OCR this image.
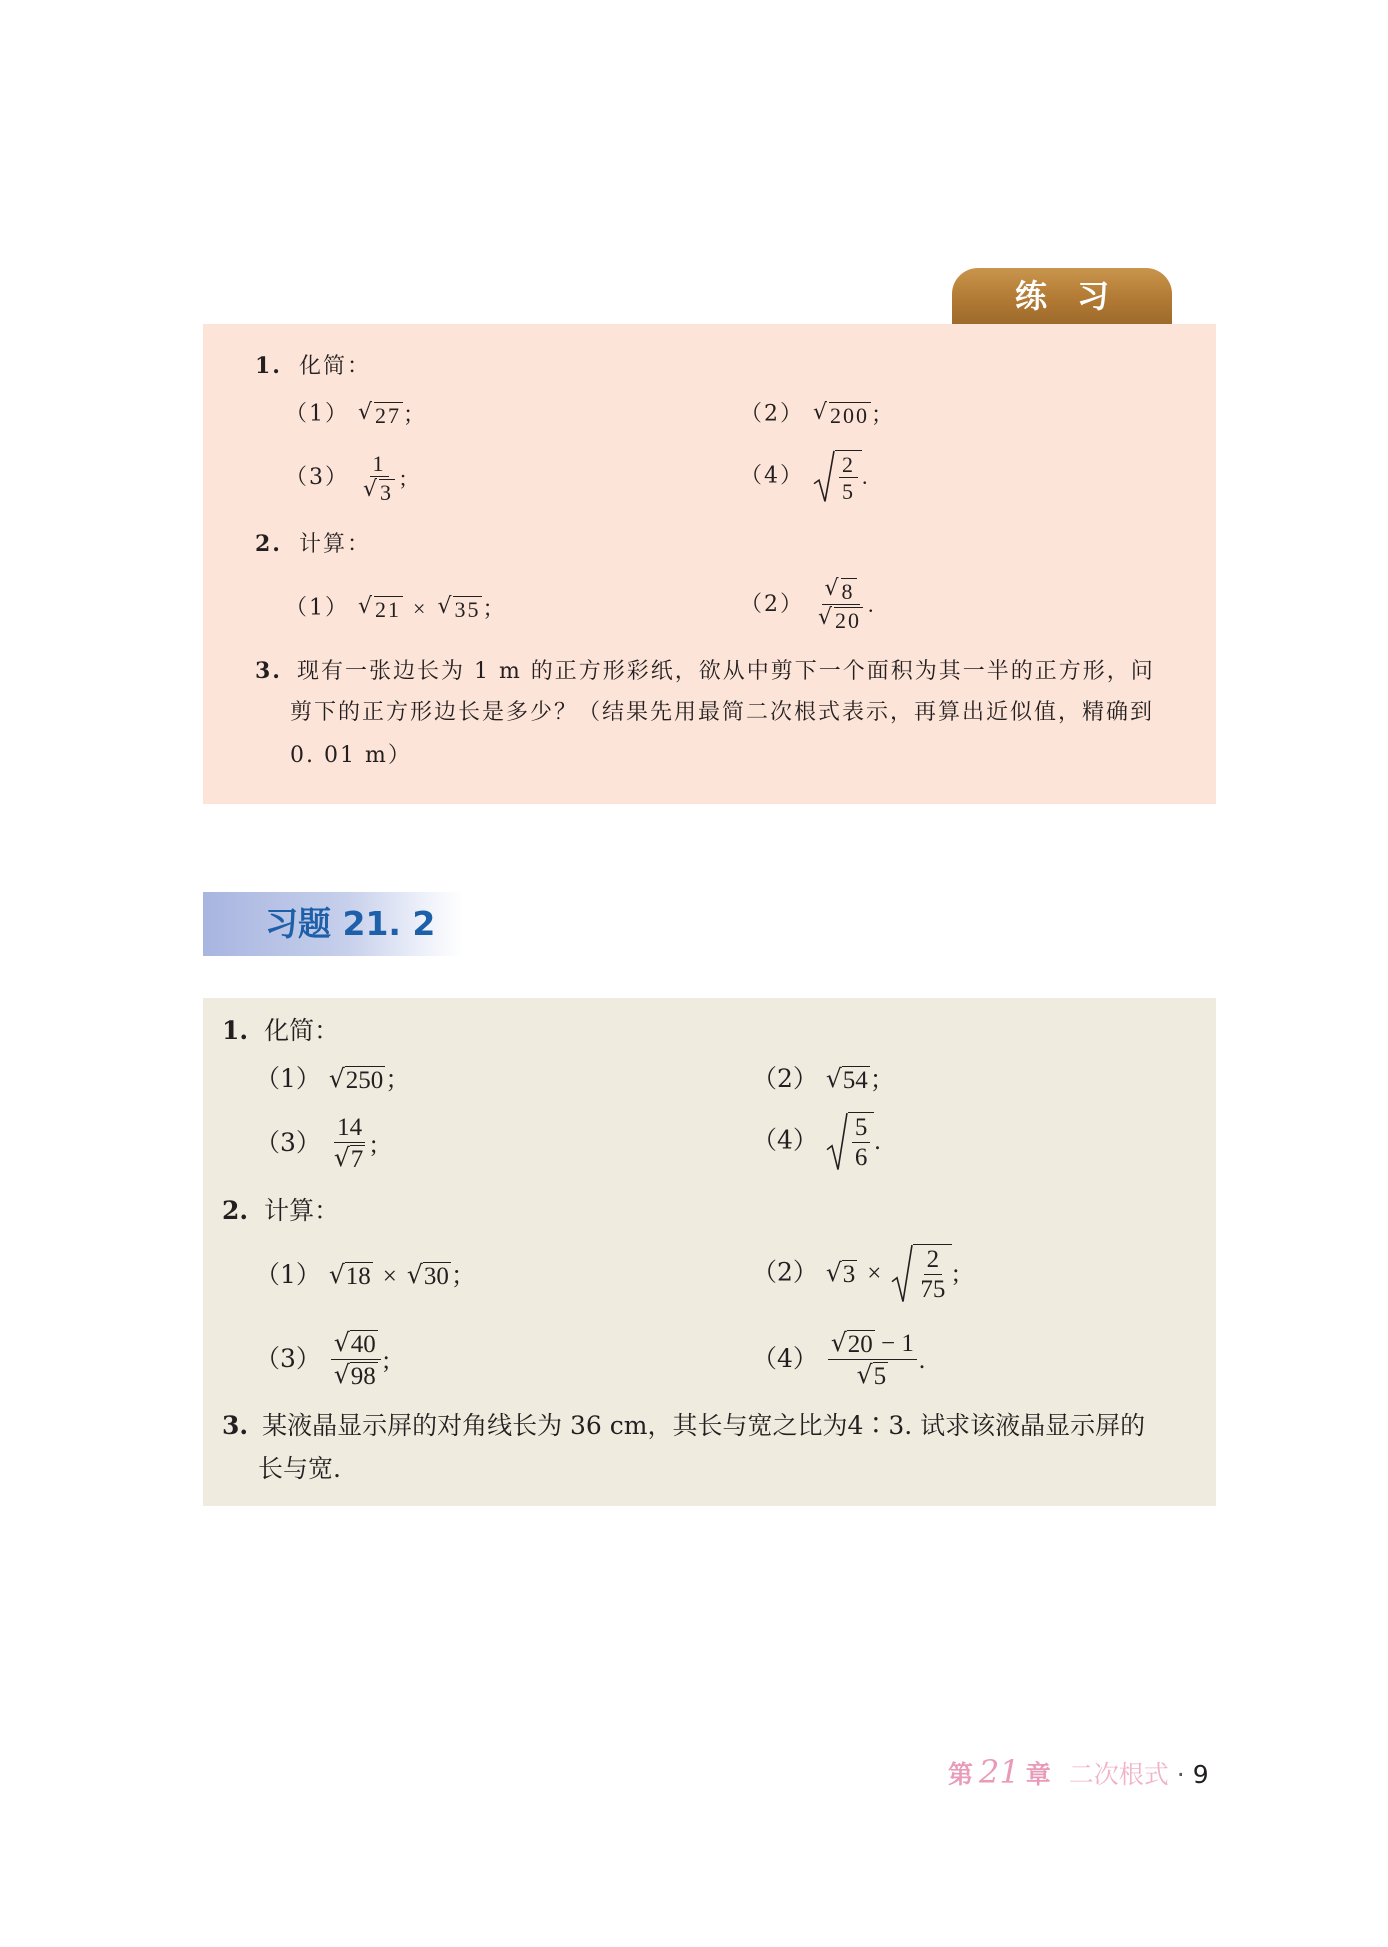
练习
1. 化简：
（1） √ 27 ；	（2） √ 200 ；
$(3) \frac{1}{√ 3}$ ;	$(4) \frac{2}{5}$ .
2. 计算：
（1） √ 21 × √ 35 ；	$(2) \frac{√ 8}{√ 20}$ .
3. 现有一张边长为 1 m 的正方形彩纸，欲从中剪下一个面积为其一半的正方形，问
剪下的正方形边长是多少？（结果先用最简二次根式表示，再算出近似值，精确到
0. 01 m）
习题 21. 2
1. 化简：
（1） √ 250 ；	（2） √ 54 ；
$(3) \frac{14}{√ 7}$ ;	$(4) \frac{5}{6}$ .
2. 计算：
（1） √ 18 × √ 30 ；	（2） √ $3 \times \frac{2}{75}$ ;
$(3) \frac{√ 40}{√ 98}$ ;	$(4) \frac{√ 20 - 1}{√ 5}$ .
3. 某液晶显示屏的对角线长为 36 cm，其长与宽之比为4∶3. 试求该液晶显示屏的
长与宽.
第 21 章 二次根式 · 9
